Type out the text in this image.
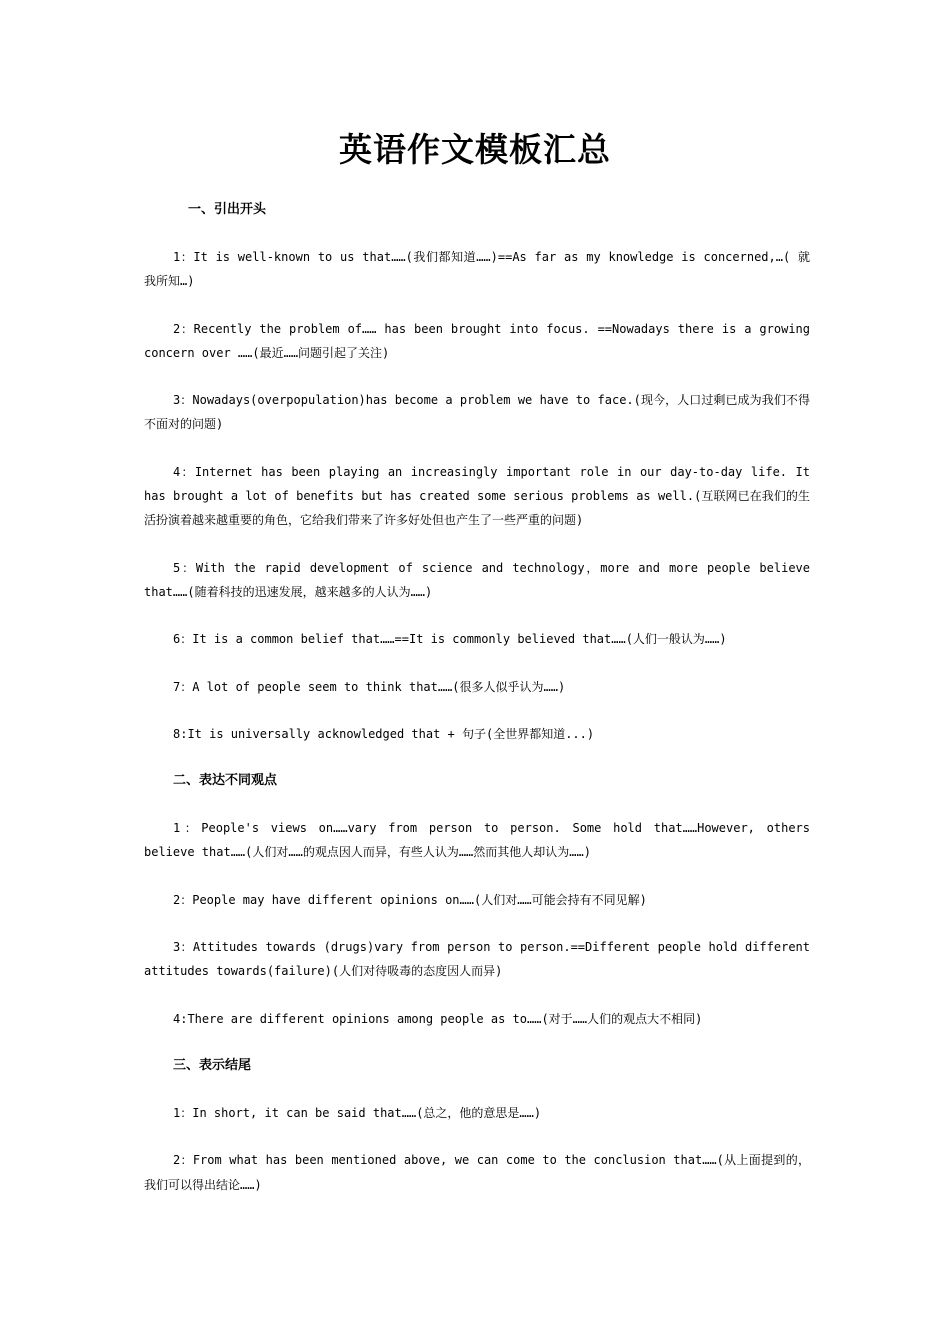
英语作文模板汇总
一、引出开头

1：It is well-known to us that……(我们都知道……)==As far as my knowledge is concerned,…( 就我所知…)

2：Recently the problem of…… has been brought into focus. ==Nowadays there is a growing concern over ……(最近……问题引起了关注)

3：Nowadays(overpopulation)has become a problem we have to face.(现今，人口过剩已成为我们不得不面对的问题)

4：Internet has been playing an increasingly important role in our day-to-day life. It has brought a lot of benefits but has created some serious problems as well.(互联网已在我们的生活扮演着越来越重要的角色，它给我们带来了许多好处但也产生了一些严重的问题)

5：With the rapid development of science and technology，more and more people believe that……(随着科技的迅速发展，越来越多的人认为……)

6：It is a common belief that……==It is commonly believed that……(人们一般认为……)

7：A lot of people seem to think that……(很多人似乎认为……)

8:It is universally acknowledged that + 句子(全世界都知道...)

二、表达不同观点

1：People's views on……vary from person to person. Some hold that……However, others believe that……(人们对……的观点因人而异，有些人认为……然而其他人却认为……)

2：People may have different opinions on……(人们对……可能会持有不同见解)

3：Attitudes towards (drugs)vary from person to person.==Different people hold different attitudes towards(failure)(人们对待吸毒的态度因人而异)

4:There are different opinions among people as to……(对于……人们的观点大不相同)

三、表示结尾

1：In short, it can be said that……(总之，他的意思是……)

2：From what has been mentioned above, we can come to the conclusion that……(从上面提到的，我们可以得出结论……)
